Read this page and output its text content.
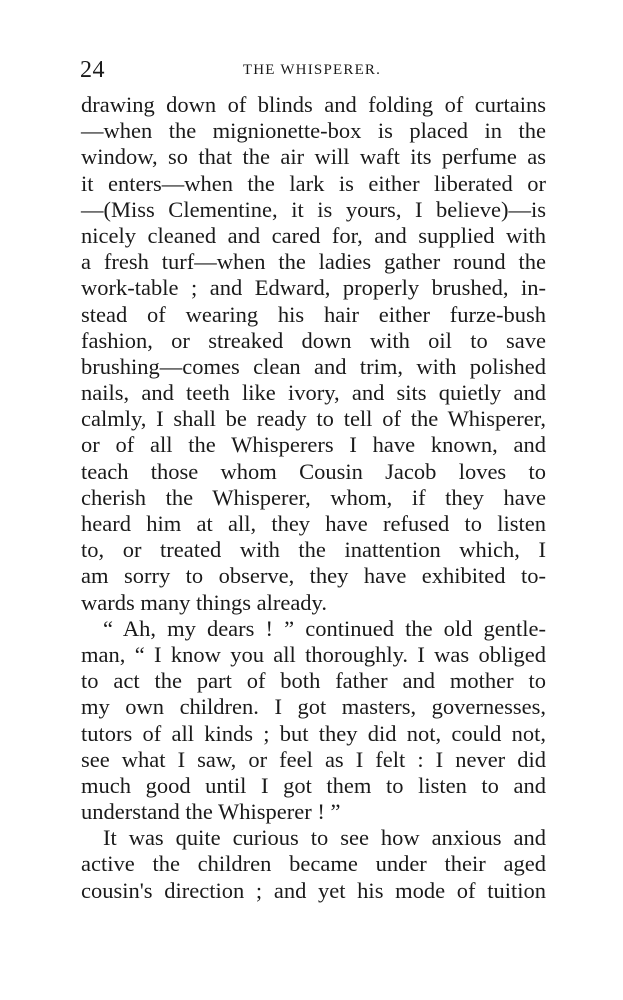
24	THE WHISPERER.
drawing down of blinds and folding of curtains
—when the mignionette-box is placed in the
window, so that the air will waft its perfume as
it enters—when the lark is either liberated or
—(Miss Clementine, it is yours, I believe)—is
nicely cleaned and cared for, and supplied with
a fresh turf—when the ladies gather round the
work-table ; and Edward, properly brushed, in-
stead of wearing his hair either furze-bush
fashion, or streaked down with oil to save
brushing—comes clean and trim, with polished
nails, and teeth like ivory, and sits quietly and
calmly, I shall be ready to tell of the Whisperer,
or of all the Whisperers I have known, and
teach those whom Cousin Jacob loves to
cherish the Whisperer, whom, if they have
heard him at all, they have refused to listen
to, or treated with the inattention which, I
am sorry to observe, they have exhibited to-
wards many things already.
“ Ah, my dears ! ” continued the old gentle-
man, “ I know you all thoroughly. I was obliged
to act the part of both father and mother to
my own children. I got masters, governesses,
tutors of all kinds ; but they did not, could not,
see what I saw, or feel as I felt : I never did
much good until I got them to listen to and
understand the Whisperer ! ”
It was quite curious to see how anxious and
active the children became under their aged
cousin's direction ; and yet his mode of tuition
